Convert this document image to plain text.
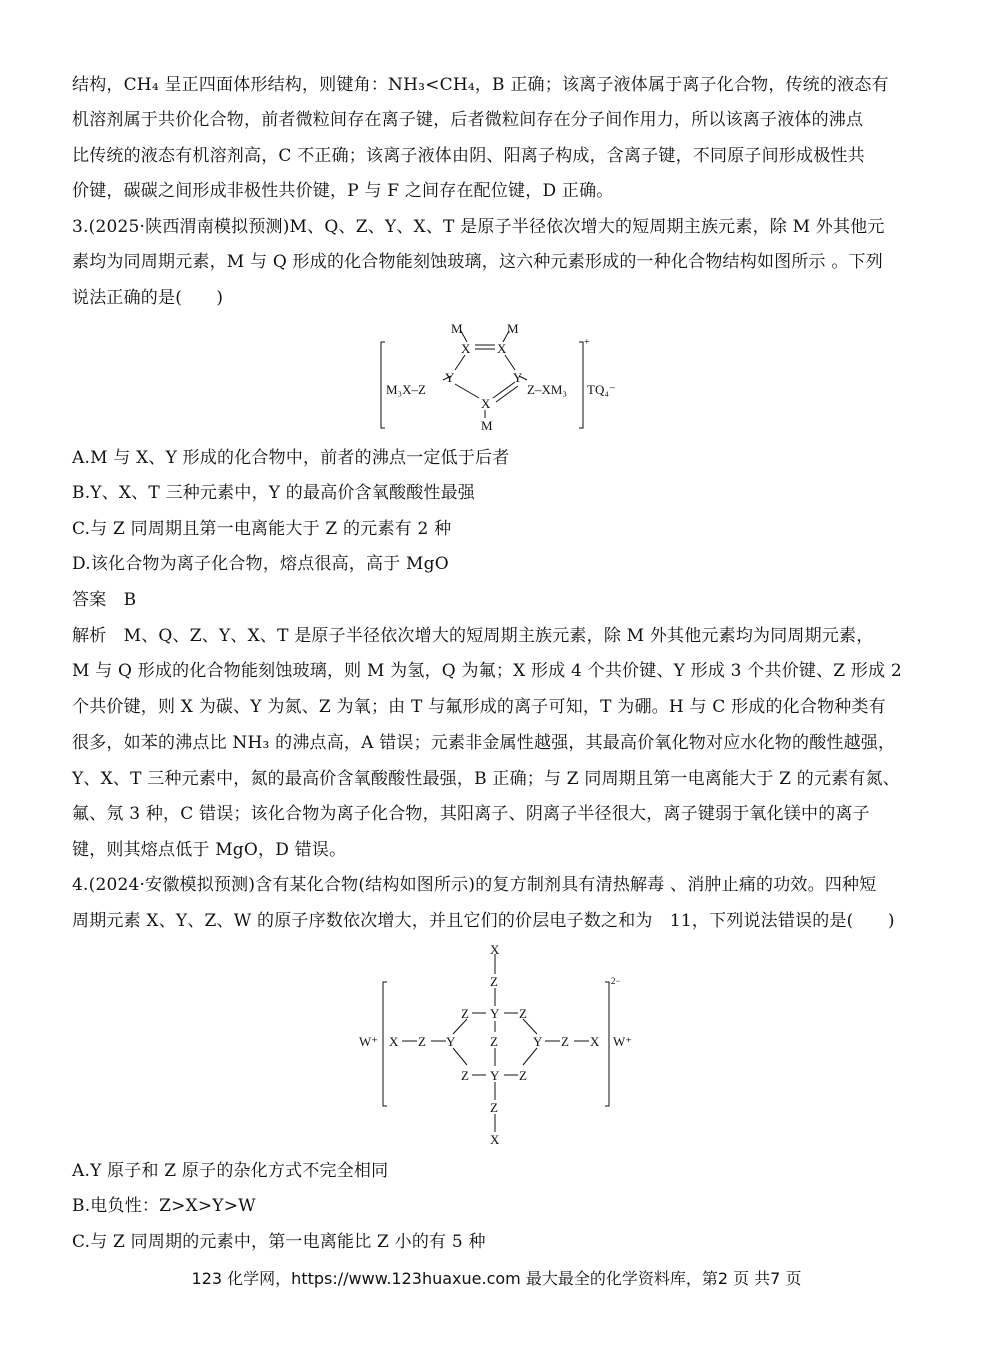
结构，CH₄ 呈正四面体形结构，则键角：NH₃<CH₄，B 正确；该离子液体属于离子化合物，传统的液态有
机溶剂属于共价化合物，前者微粒间存在离子键，后者微粒间存在分子间作用力，所以该离子液体的沸点
比传统的液态有机溶剂高，C 不正确；该离子液体由阴、阳离子构成，含离子键，不同原子间形成极性共
价键，碳碳之间形成非极性共价键，P 与 F 之间存在配位键，D 正确。
3.(2025·陕西渭南模拟预测)M、Q、Z、Y、X、T 是原子半径依次增大的短周期主族元素，除 M 外其他元
素均为同周期元素，M 与 Q 形成的化合物能刻蚀玻璃，这六种元素形成的一种化合物结构如图所示 。下列
说法正确的是(　　)
M	M
X X
Y	Y
X
M
M₃X–Z	Z–XM₃ TQ₄⁻
+
A.M 与 X、Y 形成的化合物中，前者的沸点一定低于后者
B.Y、X、T 三种元素中，Y 的最高价含氧酸酸性最强
C.与 Z 同周期且第一电离能大于 Z 的元素有 2 种
D.该化合物为离子化合物，熔点很高，高于 MgO
答案　B
解析　M、Q、Z、Y、X、T 是原子半径依次增大的短周期主族元素，除 M 外其他元素均为同周期元素，
M 与 Q 形成的化合物能刻蚀玻璃，则 M 为氢，Q 为氟；X 形成 4 个共价键、Y 形成 3 个共价键、Z 形成 2
个共价键，则 X 为碳、Y 为氮、Z 为氧；由 T 与氟形成的离子可知，T 为硼。H 与 C 形成的化合物种类有
很多，如苯的沸点比 NH₃ 的沸点高，A 错误；元素非金属性越强，其最高价氧化物对应水化物的酸性越强，
Y、X、T 三种元素中，氮的最高价含氧酸酸性最强，B 正确；与 Z 同周期且第一电离能大于 Z 的元素有氮、
氟、氖 3 种，C 错误；该化合物为离子化合物，其阳离子、阴离子半径很大，离子键弱于氧化镁中的离子
键，则其熔点低于 MgO，D 错误。
4.(2024·安徽模拟预测)含有某化合物(结构如图所示)的复方制剂具有清热解毒 、消肿止痛的功效。四种短
周期元素 X、Y、Z、W 的原子序数依次增大，并且它们的价层电子数之和为　11，下列说法错误的是(　　)
X
Z
Z Y Z
X Z Y	Z	Y Z X
Z Y Z
Z
X
W⁺	W⁺
2−
A.Y 原子和 Z 原子的杂化方式不完全相同
B.电负性：Z>X>Y>W
C.与 Z 同周期的元素中，第一电离能比 Z 小的有 5 种
123 化学网，https://www.123huaxue.com 最大最全的化学资料库，第2 页 共7 页
